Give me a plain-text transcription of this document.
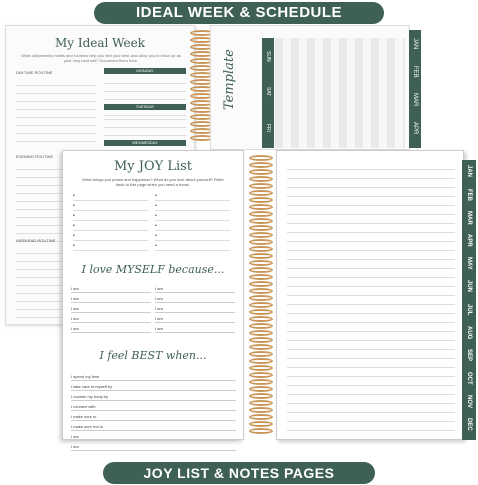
IDEAL WEEK & SCHEDULE
My Ideal Week
What daily/weekly habits and routines help you feel your best and allow you to show up as your very best self? Document them here.
DAYTIME ROUTINE
EVENING ROUTINE
WEEKEND ROUTINE
MONDAY
TUESDAY
WEDNESDAY
Template	SUN
SAT
FRI
JAN
FEB
MAR
APR
My JOY List
What brings you peace and happiness? What do you love about yourself? Refer back to this page when you need a boost.
•
•
•
•
•
•
•
•
•
•
•
•
I love MYSELF because...
I am
I am
I am
I am
I am
I am
I am
I am
I am
I am
I feel BEST when...
I spend my time
I take care of myself by
I nourish my body by
I connect with
I make sure to
I make sure not to
I am
I am
JAN
FEB
MAR
APR
MAY
JUN
JUL
AUG
SEP
OCT
NOV
DEC
JOY LIST & NOTES PAGES
